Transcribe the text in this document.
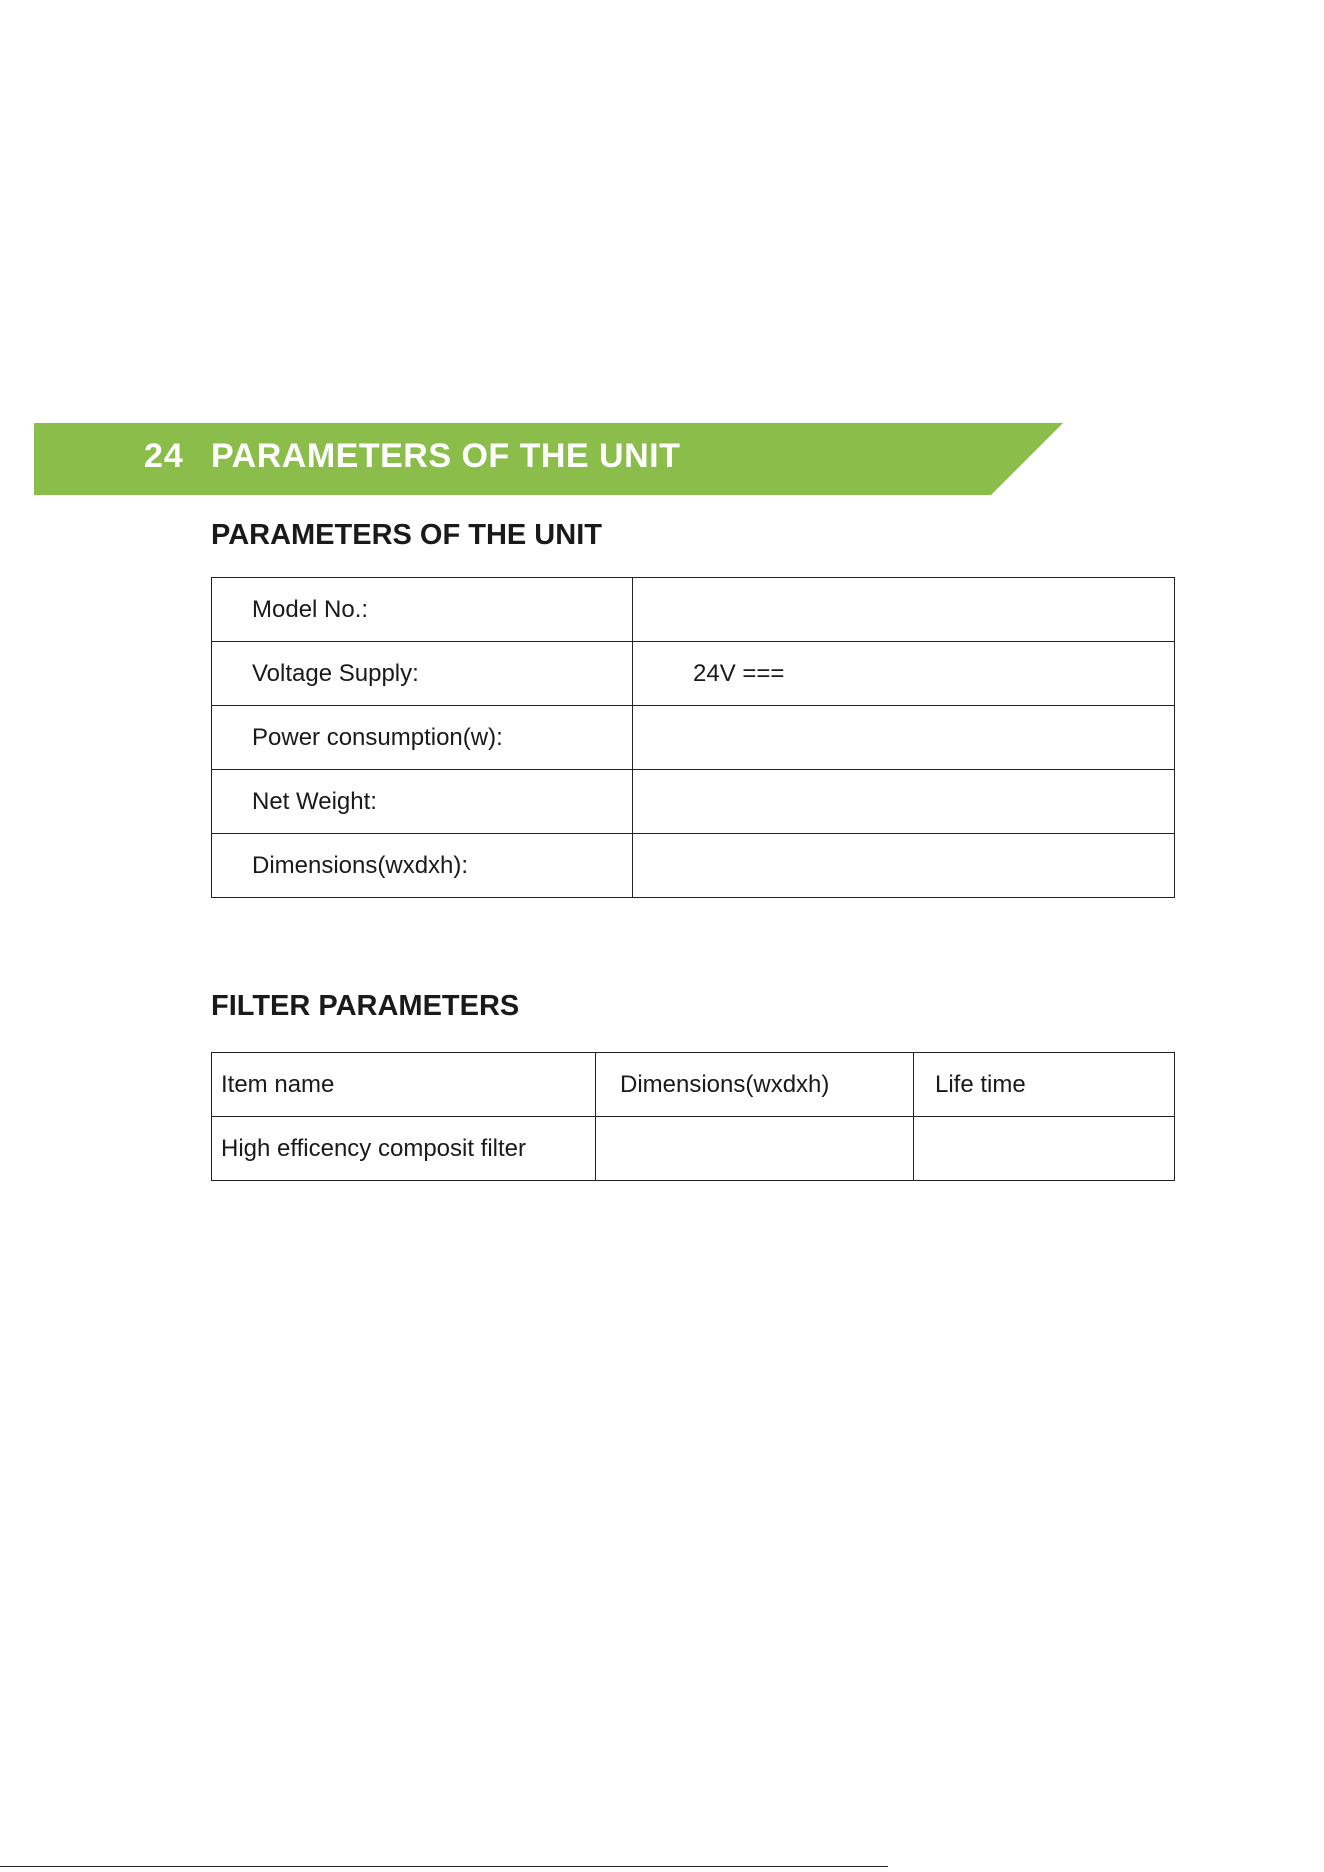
24 PARAMETERS OF THE UNIT
PARAMETERS OF THE UNIT
Model No.:	
Voltage Supply:	24V ===
Power consumption(w):	
Net Weight:	
Dimensions(wxdxh):	
FILTER PARAMETERS
Item name	Dimensions(wxdxh)	Life time
High efficency composit filter		
